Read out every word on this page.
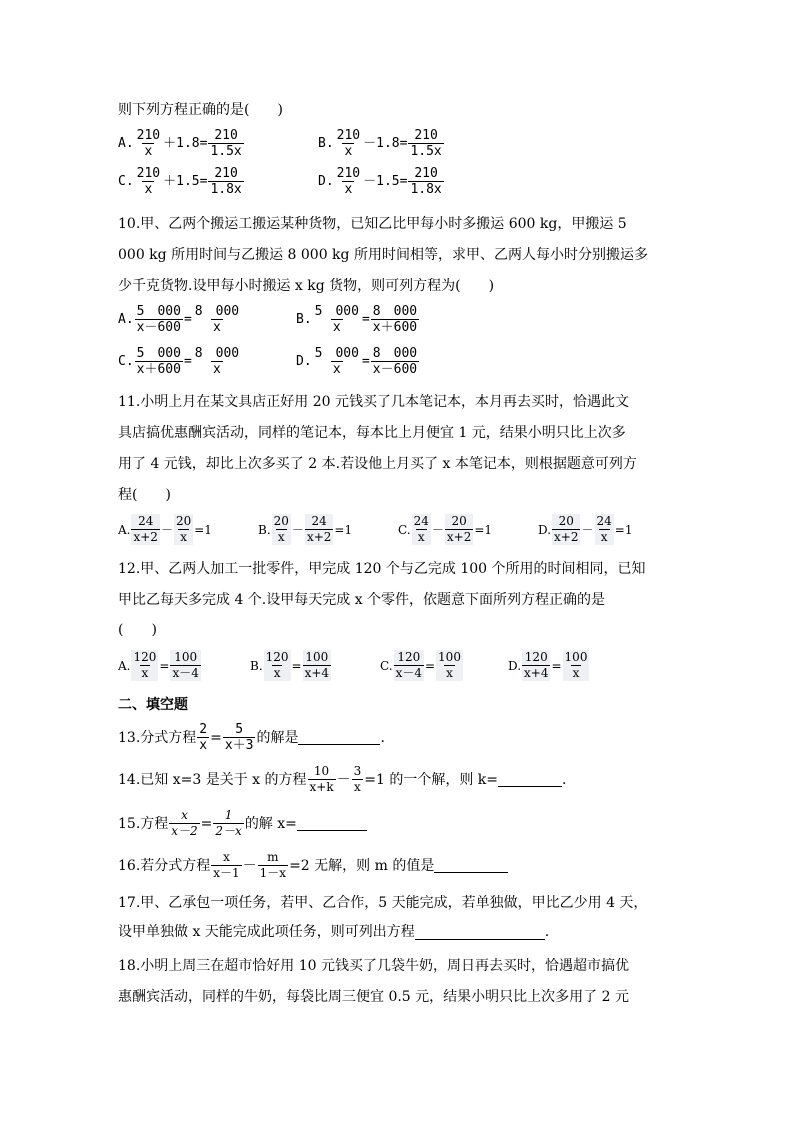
则下列方程正确的是(　　)
A. $\frac{210}{x} +1.8= \frac{210}{1.5x}$	B. $\frac{210}{x} -1.8= \frac{210}{1.5x}$
C. $\frac{210}{x} +1.5= \frac{210}{1.8x}$	D. $\frac{210}{x} -1.5= \frac{210}{1.8x}$
10.甲、乙两个搬运工搬运某种货物，已知乙比甲每小时多搬运 600 kg，甲搬运 5
000 kg 所用时间与乙搬运 8 000 kg 所用时间相等，求甲、乙两人每小时分别搬运多
少千克货物.设甲每小时搬运 x kg 货物，则可列方程为(　　)
A. $\frac{5 000}{x-600} = \frac{8 000}{x}$	B. $\frac{5 000}{x} = \frac{8 000}{x+600}$
C. $\frac{5 000}{x+600} = \frac{8 000}{x}$	D. $\frac{5 000}{x} = \frac{8 000}{x-600}$
11.小明上月在某文具店正好用 20 元钱买了几本笔记本，本月再去买时，恰遇此文
具店搞优惠酬宾活动，同样的笔记本，每本比上月便宜 1 元，结果小明只比上次多
用了 4 元钱，却比上次多买了 2 本.若设他上月买了 x 本笔记本，则根据题意可列方
程(　　)
A. $\frac{24}{x+2} - \frac{20}{x} =1$	B. $\frac{20}{x} - \frac{24}{x+2} =1$	C. $\frac{24}{x} - \frac{20}{x+2} =1$	D. $\frac{20}{x+2} - \frac{24}{x} =1$
12.甲、乙两人加工一批零件，甲完成 120 个与乙完成 100 个所用的时间相同，已知
甲比乙每天多完成 4 个.设甲每天完成 x 个零件，依题意下面所列方程正确的是
(　　)
A. $\frac{120}{x} = \frac{100}{x-4}$	B. $\frac{120}{x} = \frac{100}{x+4}$	C. $\frac{120}{x-4} = \frac{100}{x}$	D. $\frac{120}{x+4} = \frac{100}{x}$
二、填空题
13.分式方程 $\frac{2}{x} = \frac{5}{x+3}$ 的解是	.
14.已知 x=3 是关于 x 的方程 $\frac{10}{x+k} - \frac{3}{x} =1$ 的一个解，则 k=	.
15.方程 $\frac{x}{x-2} = \frac{1}{2-x}$ 的解 x=
16.若分式方程 $\frac{x}{x-1} - \frac{m}{1-x} =2$ 无解，则 m 的值是
17.甲、乙承包一项任务，若甲、乙合作，5 天能完成，若单独做，甲比乙少用 4 天，
设甲单独做 x 天能完成此项任务，则可列出方程	.
18.小明上周三在超市恰好用 10 元钱买了几袋牛奶，周日再去买时，恰遇超市搞优
惠酬宾活动，同样的牛奶，每袋比周三便宜 0.5 元，结果小明只比上次多用了 2 元
